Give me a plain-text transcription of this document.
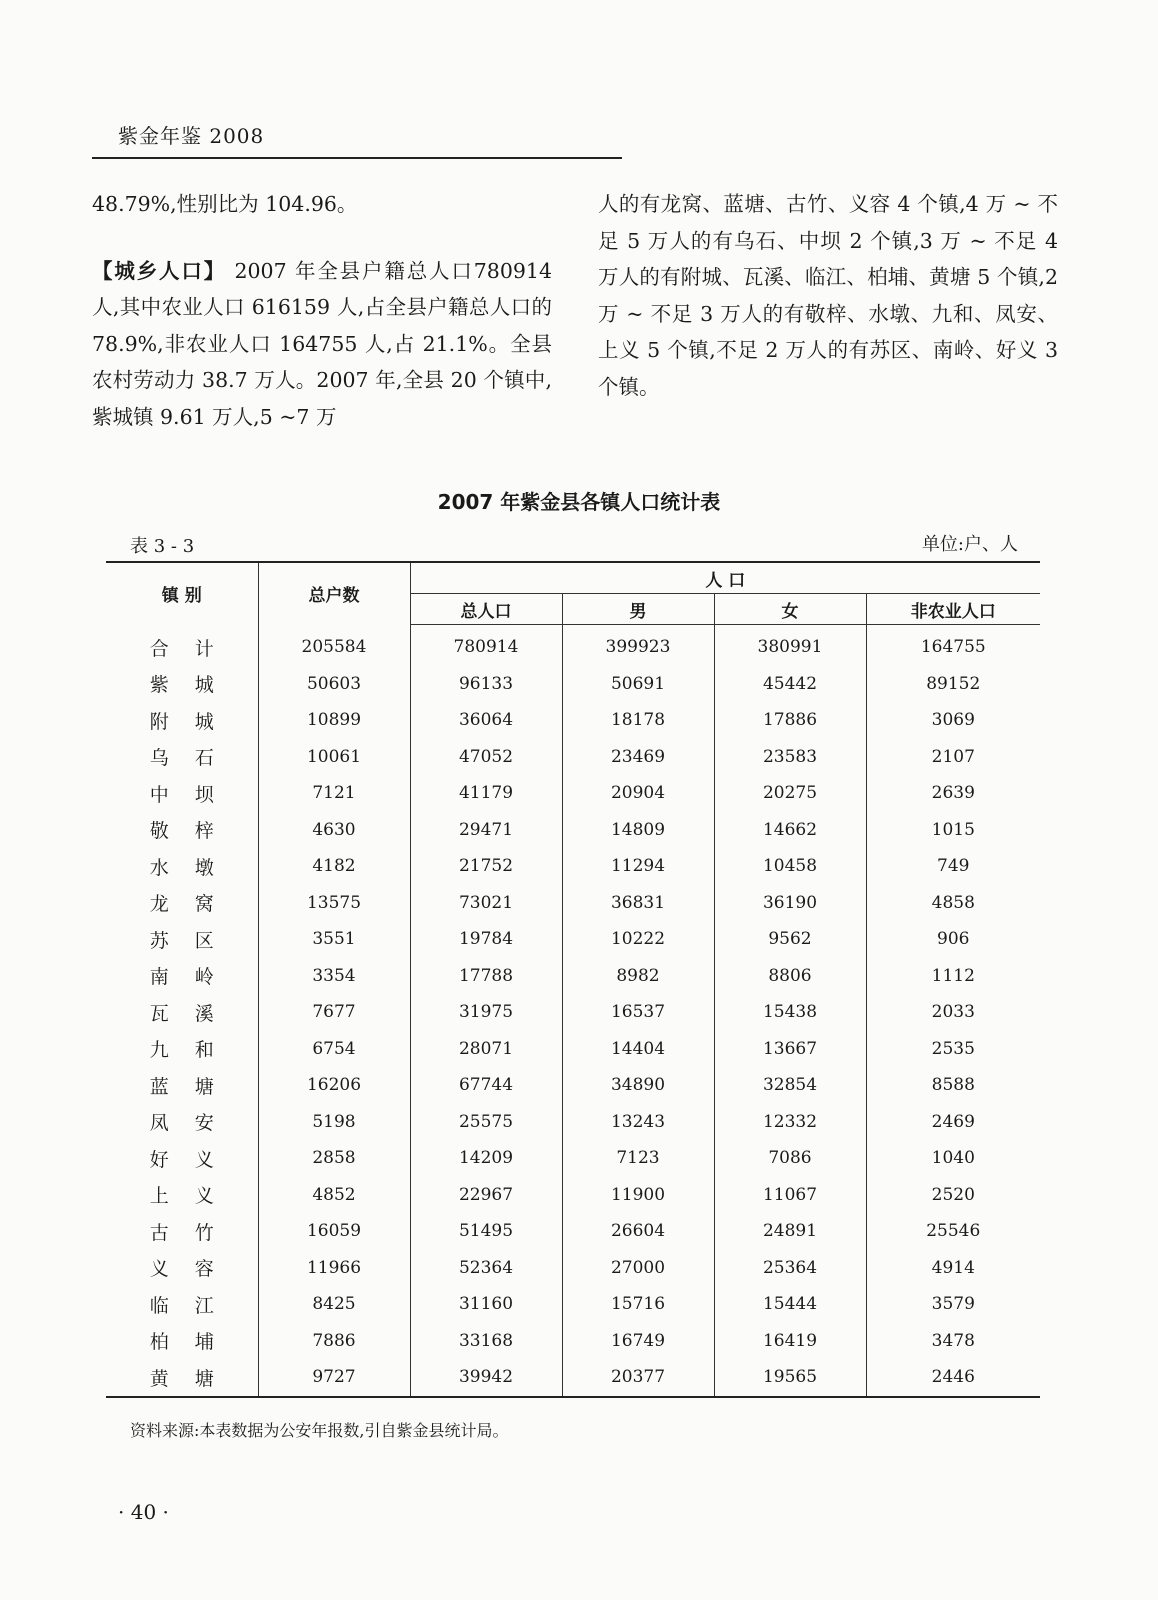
紫金年鉴 2008

48.79%,性别比为 104.96。

【城乡人口】 2007 年全县户籍总人口780914 人,其中农业人口 616159 人,占全县户籍总人口的 78.9%,非农业人口 164755 人,占 21.1%。全县农村劳动力 38.7 万人。2007 年,全县 20 个镇中,紫城镇 9.61 万人,5 ~7 万

人的有龙窝、蓝塘、古竹、义容 4 个镇,4 万 ~ 不足 5 万人的有乌石、中坝 2 个镇,3 万 ~ 不足 4 万人的有附城、瓦溪、临江、柏埔、黄塘 5 个镇,2 万 ~ 不足 3 万人的有敬梓、水墩、九和、凤安、上义 5 个镇,不足 2 万人的有苏区、南岭、好义 3 个镇。

2007 年紫金县各镇人口统计表
表 3 - 3	单位:户、人
镇 别	总户数	人 口			
		总人口	男	女	非农业人口
合计	205584	780914	399923	380991	164755
紫城	50603	96133	50691	45442	89152
附城	10899	36064	18178	17886	3069
乌石	10061	47052	23469	23583	2107
中坝	7121	41179	20904	20275	2639
敬梓	4630	29471	14809	14662	1015
水墩	4182	21752	11294	10458	749
龙窝	13575	73021	36831	36190	4858
苏区	3551	19784	10222	9562	906
南岭	3354	17788	8982	8806	1112
瓦溪	7677	31975	16537	15438	2033
九和	6754	28071	14404	13667	2535
蓝塘	16206	67744	34890	32854	8588
凤安	5198	25575	13243	12332	2469
好义	2858	14209	7123	7086	1040
上义	4852	22967	11900	11067	2520
古竹	16059	51495	26604	24891	25546
义容	11966	52364	27000	25364	4914
临江	8425	31160	15716	15444	3579
柏埔	7886	33168	16749	16419	3478
黄塘	9727	39942	20377	19565	2446
资料来源:本表数据为公安年报数,引自紫金县统计局。
· 40 ·
